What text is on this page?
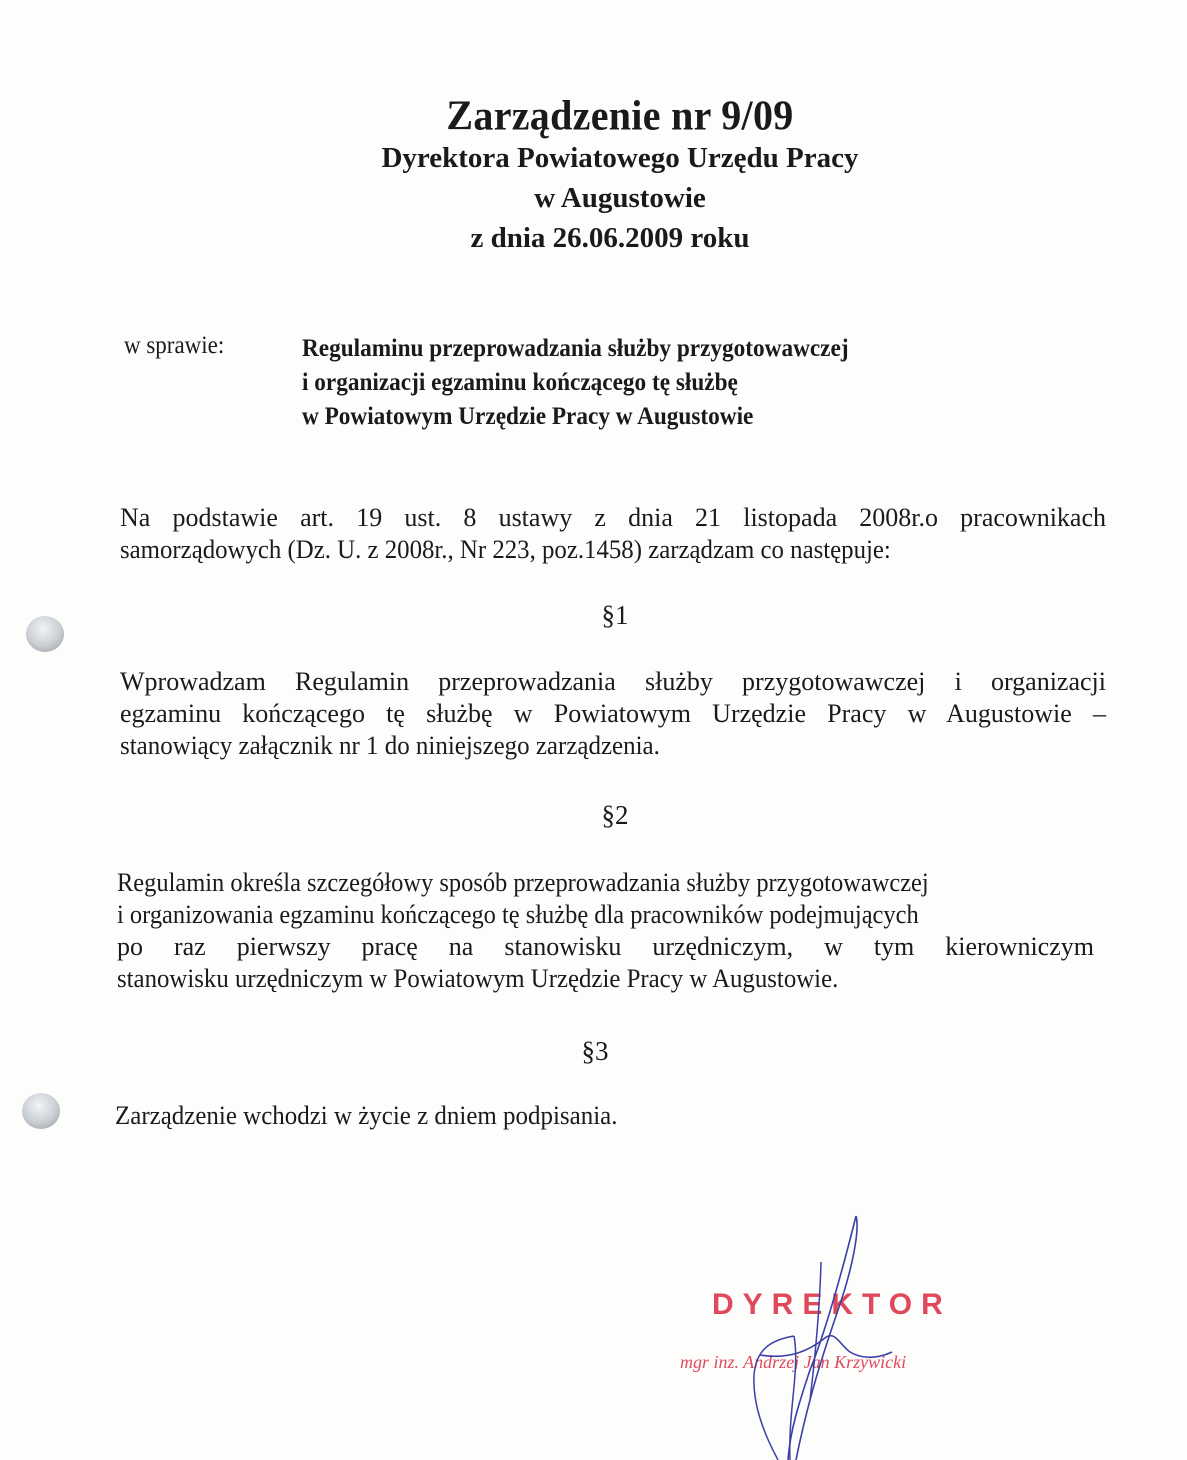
Zarządzenie nr 9/09
Dyrektora Powiatowego Urzędu Pracy
w Augustowie
z dnia 26.06.2009 roku
w sprawie:	Regulaminu przeprowadzania służby przygotowawczej
i organizacji egzaminu kończącego tę służbę
w Powiatowym Urzędzie Pracy w Augustowie
Na podstawie art. 19 ust. 8 ustawy z dnia 21 listopada 2008r.o pracownikach
samorządowych (Dz. U. z 2008r., Nr 223, poz.1458) zarządzam co następuje:
§1
Wprowadzam Regulamin przeprowadzania służby przygotowawczej i organizacji
egzaminu kończącego tę służbę w Powiatowym Urzędzie Pracy w Augustowie –
stanowiący załącznik nr 1 do niniejszego zarządzenia.
§2
Regulamin określa szczegółowy sposób przeprowadzania służby przygotowawczej
i organizowania egzaminu kończącego tę służbę dla pracowników podejmujących
po raz pierwszy pracę na stanowisku urzędniczym, w tym kierowniczym
stanowisku urzędniczym w Powiatowym Urzędzie Pracy w Augustowie.
§3
Zarządzenie wchodzi w życie z dniem podpisania.
DYREKTOR
mgr inz. Andrzej Jan Krzywicki
